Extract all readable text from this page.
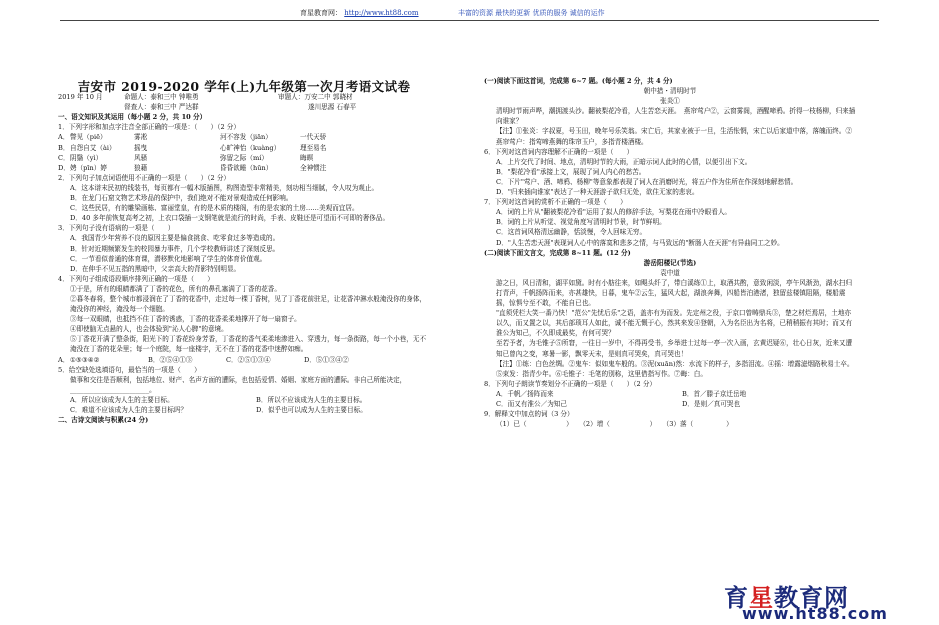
育星教育网： http://www.ht88.com	丰富的资源 最快的更新 优质的服务 诚信的运作

吉安市 2019-2020 学年(上)九年级第一次月考语文试卷

2019 年 10 月	命题人：泰和三中 钟唯勇	审题人：万安二中 郭晓材
督查人：泰和三中 严达群	遂川思源 石春平

一、语文知识及其运用（每小题 2 分，共 10 分）

1．下列字形和加点字注音全部正确的一项是：（　　）（2 分）

A． 瞥见（piē）	雾凇	河不容发（jiān）	一代天骄
B． 自怨自艾（ài）	摇曳	心旷神怡（kuàng）	理至易名
C． 阴翳（yì）	风骚	弥留之际（mí）	晦暝
D． 娉（pīn）婷	狼藉	昏昏欲睡（hūn）	全神惯注

2．下列句子加点词语使用不正确的一项是（　　）（2 分）

A．这本谱末民初的线装书，每页都有一幅木版插图，构图造型非常精美，刻功相当细腻，令人叹为观止。

B．在龙门石窟文物艺术珍品的保护中，我们绝对不能对景观造成任何影响。

C．这些民居，有的雕梁画栋、富丽堂皇，有的是木质的楼阁，有的是农家的土房……美观而宜居。

D．40 多年前恢复高考之初，上衣口袋插一支钢笔就是流行的时尚，手表、皮鞋还是可望而不可即的奢侈品。

3．下列句子没有语病的一项是（　　）

A．我国青少年营养不良的原因主要是偏食挑食、吃零食过多等造成的。

B．针对近期频繁发生的校园暴力事件，几个学校教师讲述了深刻反思。

C．一节看似普通的体育课，潜移默化地影响了学生的体育价值观。

D．在伸手不见五指的黑暗中，父亲高大的背影特别明显。

4．下列句子组成语段顺序排列正确的一项是（　　）

①于是，所有的眼睛都满了丁香的花色，所有的鼻孔塞满了丁香的花香。

②暮冬春将，整个城市都浸润在了丁香的花香中，走过每一棵丁香树，见了丁香花前驻足，让花香冲淋水般淹没你的身体，淹没你的神经，淹没每一个细胞。

③每一双眼睛，也抵挡不住丁香的诱惑，丁香的花香柔柔地撑开了每一扇窗子。

④即使脑无点悬的人，也会体验到"沁人心脾"的意境。

⑤丁香花开满了整条街，阳光下的丁香花纷身芳香，丁香花的香气柔柔地渗进入、穿透力，每一条街路，每一个小巷，无不淹没在丁香的花朵里；每一个庭院，每一座楼宇，无不在丁香的花香中迷醉如痴。

A． ①⑤③④②	B．②⑤④①③	C．②⑤①③④	D．⑤①③④②

5．给空缺处选填语句，最恰当的一项是（　　）

做事和交往是吾顺利，包括地位、财产、名声方面的遭际，也包括爱情、婚姻、家庭方面的遭际。非自己所能决定，________________________。

A．所以应该成为人生的主要目标。	B．所以不应该成为人生的主要目标。
C．难道不应该成为人生的主要目标吗？	D．似乎也可以成为人生的主要目标。

二、古诗文阅读与积累(24 分)

(一)阅读下面这首词，完成第 6~7 题。(每小题 2 分，共 4 分)

朝中措・清明时节

张炎①

清明时节雨声哗，潮拥渡头沙。翻被梨花冷看，人生苦恋天涯。　燕帘莺户②，云窗雾阁，酒醒啼鸦。折得一枝杨柳，归来插向谁家？

【注】①张炎：字叔夏，号玉田，晚年号乐笑翁。宋亡后，其家业被于一旦，生活怅惘，宋亡以后家道中落，落魄而终。②燕帘莺户：指莺啼燕舞的珠帘玉户，多指青楼酒楼。

6．下列对这首词内容理解不正确的一项是（　　）

A．上片交代了时间、地点，清明时节的大雨，正暗示词人此时的心情，以便引出下文。

B．"梨花冷看"承接上文，展现了词人内心的愁苦。

C．下片"莺户、酒、啼鸦、杨柳"等意象都表现了词人在消磨时光，将五户作为住所在作深刻地解愁情。

D．"归来插向谁家"表达了一种天涯游子欲归无处，欲住无家的悲哀。

7．下列对这首词的赏析不正确的一项是（　　）

A．词的上片从"翻被梨花冷看"运用了拟人的修辞手法，写梨花在雨中冷眼看人。

B．词的上片从听觉、视觉角度写清明时节景，时节鲜明。

C．这首词风格清远幽静，恬淡慢，令人回味无穷。

D．"人生苦恋天涯"表现词人心中的落寞和悲多之情，与马致远的"断肠人在天涯"有异曲同工之妙。

(二)阅读下面文言文，完成第 8~11 题。(12 分)

游岳阳楼记(节选)

袁中道

游之日，风日清和，湖平如黛。时有小舫往来，如飓头纤了，带白溪练①上，取酒共酌，意致闲淡，亭午风渐劲，湖水扫归打青声，千帆扬阵而来，亦甚雄快，日暮，鬼车②云生，猛风大起，湖浪奔舞，四船皆泊港渚，独留兹楼镇阻隔，楼船震摇，惊惧兮至不敢，不能自已也。

"直须凭栏大笑一番乃快！"范公"先忧后乐"之语，盖亦有为而发。先定州之役，于京口曾畴鼎兵③，楚之材烂焉居，土地亦以久，而又置之以，其后部琐耳人如此，诚不能无慨于心，然其来发④登朝，入为名臣出为名将，已稍稍振有其时；而又有淮公为知己，不久即成最奖，有何可哭？

至若予者，为毛锥子⑤所窘，一往日一岁中，不得再受书，乡举进士过每一亭一次入画，玄黄迟疑⑥，壮心日灰，近来又遭知已曾內之变，寒暑一影，飘零天末，是则真可哭矣，真可哭也！

【注】①练：白色丝绸。②鬼车：似如鬼车般的。③泥(xuān)然：水流下的样子，多指泪流。④摇：增露滤烟路秋易士卒。⑤束发：指青少年。⑥毛锥子：毛笔的别称，这里借指写作。⑦晦：白。

8．下列句子朗读节奏划分不正确的一项是（　　）（2 分）

A．千帆／扬阵而来	B．首／滕子京迁岳地
C．而又有淮公／为知己	D．是则／真可哭也

9．解释文中加点的词（3 分）

（1）已（　　　　　　）　　（2）增（　　　　　　）　　（3）落（　　　　　）

育星教育网
www.ht88.com
